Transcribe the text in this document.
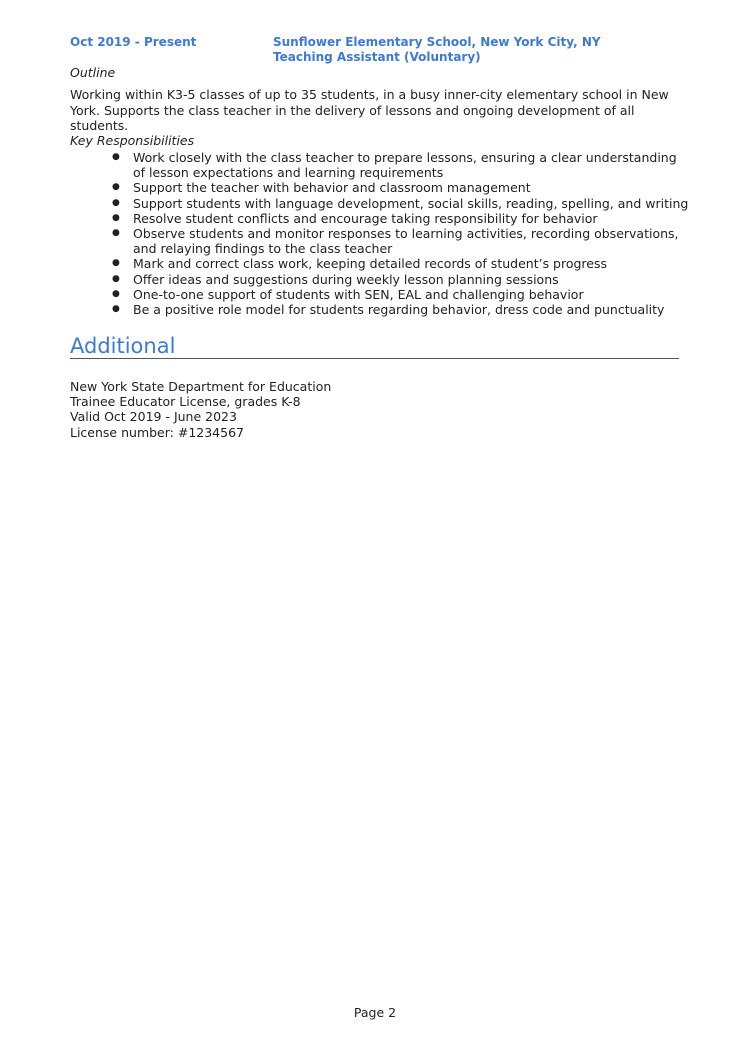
Oct 2019 - Present	Sunflower Elementary School, New York City, NY
Teaching Assistant (Voluntary)
Outline
Working within K3-5 classes of up to 35 students, in a busy inner-city elementary school in New York. Supports the class teacher in the delivery of lessons and ongoing development of all students.
Key Responsibilities
● Work closely with the class teacher to prepare lessons, ensuring a clear understanding of lesson expectations and learning requirements
● Support the teacher with behavior and classroom management
● Support students with language development, social skills, reading, spelling, and writing
● Resolve student conflicts and encourage taking responsibility for behavior
● Observe students and monitor responses to learning activities, recording observations, and relaying findings to the class teacher
● Mark and correct class work, keeping detailed records of student’s progress
● Offer ideas and suggestions during weekly lesson planning sessions
● One-to-one support of students with SEN, EAL and challenging behavior
● Be a positive role model for students regarding behavior, dress code and punctuality
Additional
New York State Department for Education
Trainee Educator License, grades K-8
Valid Oct 2019 - June 2023
License number: #1234567
Page 2
